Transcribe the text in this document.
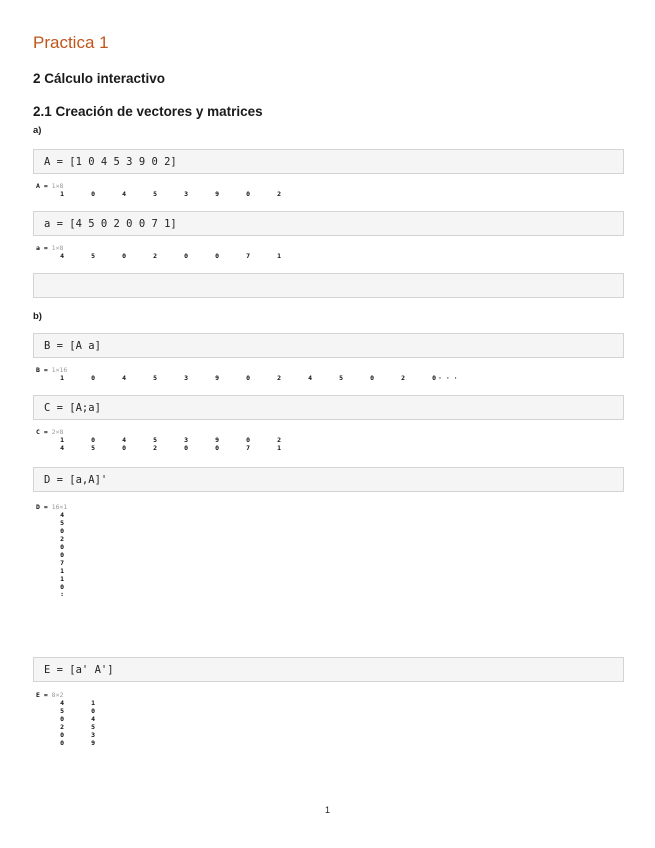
Practica 1
2 Cálculo interactivo
2.1 Creación de vectores y matrices
a)
A = [1 0 4 5 3 9 0 2]
A = 1×8
1	0	4	5	3	9	0	2
a = [4 5 0 2 0 0 7 1]
a = 1×8
4	5	0	2	0	0	7	1
b)
B = [A a]
B = 1×16
1	0	4	5	3	9	0	2	4	5	0	2	0 · · ·
C = [A;a]
C = 2×8
1	0	4	5	3	9	0	2
4	5	0	2	0	0	7	1
D = [a,A]'
D = 16×1
4
5
0
2
0
0
7
1
1
0
:
E = [a' A']
E = 8×2
4	1
5	0
0	4
2	5
0	3
0	9
1
